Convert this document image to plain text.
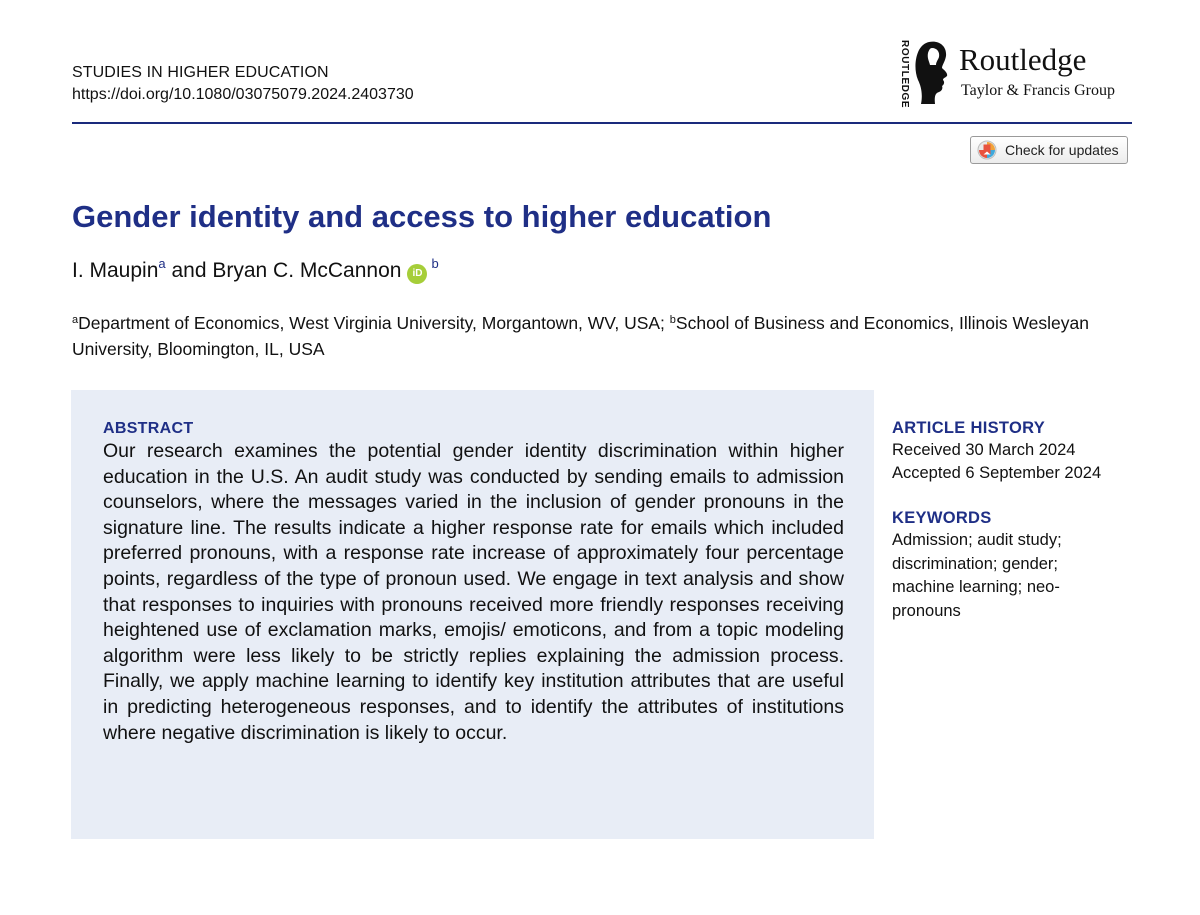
STUDIES IN HIGHER EDUCATION
https://doi.org/10.1080/03075079.2024.2403730	ROUTLEDGE Routledge
Taylor & Francis Group
Check for updates
Gender identity and access to higher education
I. Maupin$^a$ and Bryan C. McCannon $iD^b$
$^a$Department of Economics, West Virginia University, Morgantown, WV, USA; $^b$School of Business and Economics, Illinois Wesleyan University, Bloomington, IL, USA
ABSTRACT

Our research examines the potential gender identity discrimination within higher education in the U.S. An audit study was conducted by sending emails to admission counselors, where the messages varied in the inclusion of gender pronouns in the signature line. The results indicate a higher response rate for emails which included preferred pronouns, with a response rate increase of approximately four percentage points, regardless of the type of pronoun used. We engage in text analysis and show that responses to inquiries with pronouns received more friendly responses receiving heightened use of exclamation marks, emojis/ emoticons, and from a topic modeling algorithm were less likely to be strictly replies explaining the admission process. Finally, we apply machine learning to identify key institution attributes that are useful in predicting heterogeneous responses, and to identify the attributes of institutions where negative discrimination is likely to occur.

ARTICLE HISTORY
Received 30 March 2024
Accepted 6 September 2024
KEYWORDS
Admission; audit study; discrimination; gender; machine learning; neo-pronouns
